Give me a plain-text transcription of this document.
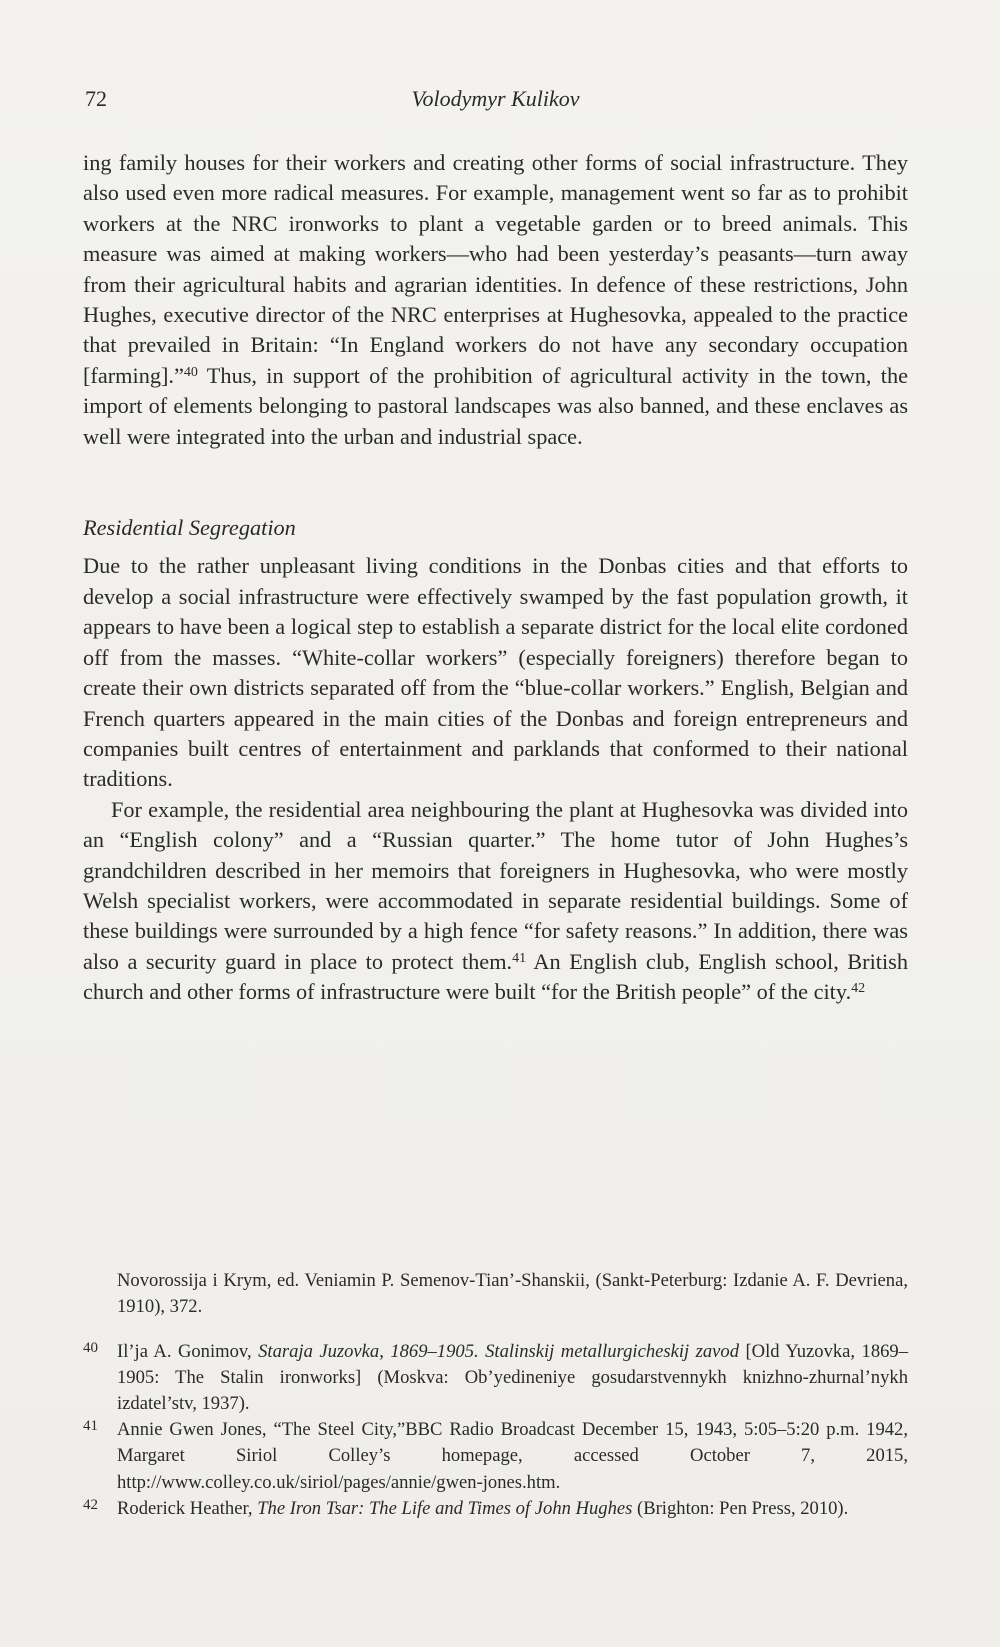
72	Volodymyr Kulikov

ing family houses for their workers and creating other forms of social infrastructure. They also used even more radical measures. For example, management went so far as to prohibit workers at the NRC ironworks to plant a vegetable garden or to breed animals. This measure was aimed at making workers—who had been yesterday’s peasants—turn away from their agricultural habits and agrarian identities. In defence of these restrictions, John Hughes, executive director of the NRC enterprises at Hughesovka, appealed to the practice that prevailed in Britain: “In England workers do not have any secondary occupation [farming].”$^{40}$ Thus, in support of the prohibition of agricultural activity in the town, the import of elements belonging to pastoral landscapes was also banned, and these enclaves as well were integrated into the urban and industrial space.

Residential Segregation

Due to the rather unpleasant living conditions in the Donbas cities and that efforts to develop a social infrastructure were effectively swamped by the fast population growth, it appears to have been a logical step to establish a separate district for the local elite cordoned off from the masses. “White-collar workers” (especially foreigners) therefore began to create their own districts separated off from the “blue-collar workers.” English, Belgian and French quarters appeared in the main cities of the Donbas and foreign entrepreneurs and companies built centres of entertainment and parklands that conformed to their national traditions.

For example, the residential area neighbouring the plant at Hughesovka was divided into an “English colony” and a “Russian quarter.” The home tutor of John Hughes’s grandchildren described in her memoirs that foreigners in Hughesovka, who were mostly Welsh specialist workers, were accommodated in separate residential buildings. Some of these buildings were surrounded by a high fence “for safety reasons.” In addition, there was also a security guard in place to protect them.$^{41}$ An English club, English school, British church and other forms of infrastructure were built “for the British people” of the city.$^{42}$

Novorossija i Krym, ed. Veniamin P. Semenov-Tian’-Shanskii, (Sankt-Peterburg: Izdanie A. F. Devriena, 1910), 372.

40 Il’ja A. Gonimov, Staraja Juzovka, 1869–1905. Stalinskij metallurgicheskij zavod [Old Yuzovka, 1869–1905: The Stalin ironworks] (Moskva: Ob’yedineniye gosudarstvennykh knizhno-zhurnal’nykh izdatel’stv, 1937).

41 Annie Gwen Jones, “The Steel City,”BBC Radio Broadcast December 15, 1943, 5:05–5:20 p.m. 1942, Margaret Siriol Colley’s homepage, accessed October 7, 2015, http://www.colley.co.uk/siriol/pages/annie/gwen-jones.htm.

42 Roderick Heather, The Iron Tsar: The Life and Times of John Hughes (Brighton: Pen Press, 2010).
